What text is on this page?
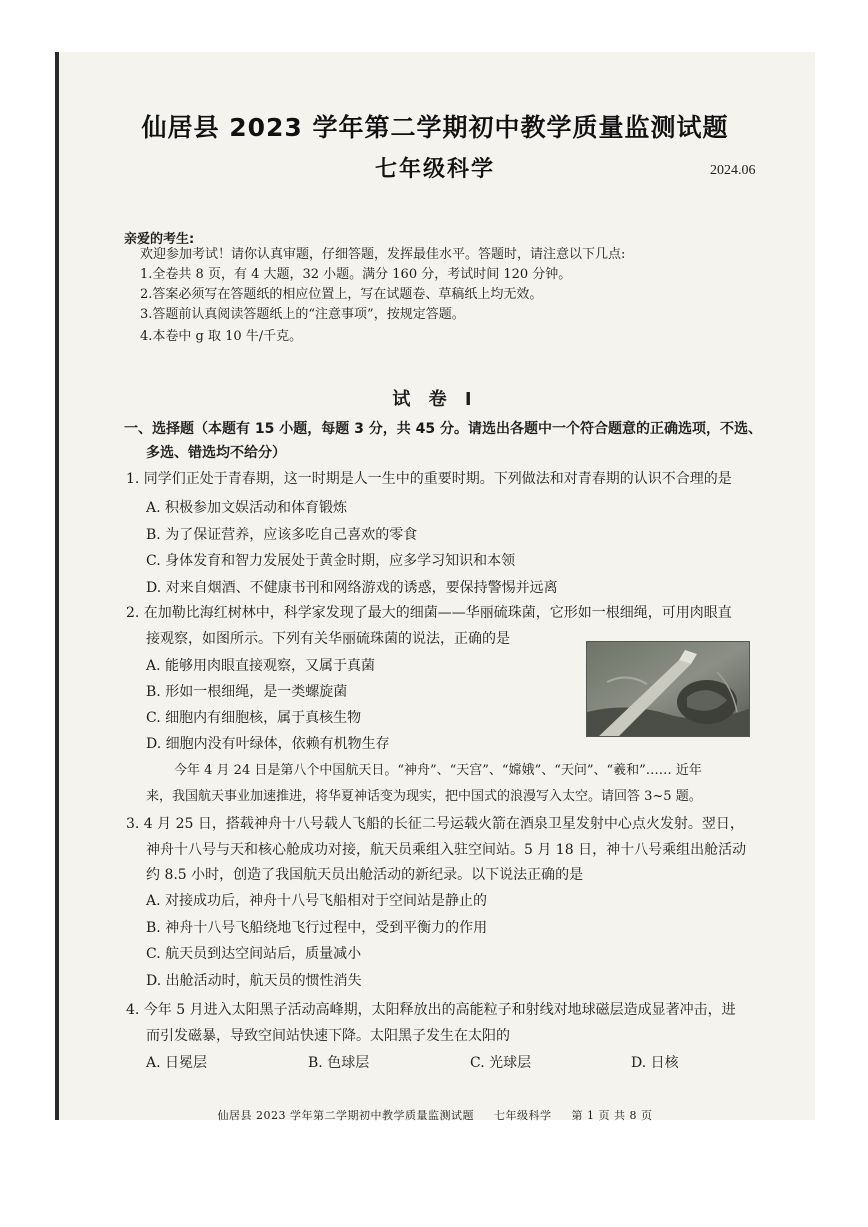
仙居县 2023 学年第二学期初中教学质量监测试题
七年级科学	2024.06
亲爱的考生:
欢迎参加考试！请你认真审题，仔细答题，发挥最佳水平。答题时，请注意以下几点:
1.全卷共 8 页，有 4 大题，32 小题。满分 160 分，考试时间 120 分钟。
2.答案必须写在答题纸的相应位置上，写在试题卷、草稿纸上均无效。
3.答题前认真阅读答题纸上的“注意事项”，按规定答题。
4.本卷中 g 取 10 牛/千克。
试 卷 Ⅰ
一、选择题（本题有 15 小题，每题 3 分，共 45 分。请选出各题中一个符合题意的正确选项，不选、
多选、错选均不给分）
1. 同学们正处于青春期，这一时期是人一生中的重要时期。下列做法和对青春期的认识不合理的是
A. 积极参加文娱活动和体育锻炼
B. 为了保证营养，应该多吃自己喜欢的零食
C. 身体发育和智力发展处于黄金时期，应多学习知识和本领
D. 对来自烟酒、不健康书刊和网络游戏的诱惑，要保持警惕并远离
2. 在加勒比海红树林中，科学家发现了最大的细菌——华丽硫珠菌，它形如一根细绳，可用肉眼直
接观察，如图所示。下列有关华丽硫珠菌的说法，正确的是
A. 能够用肉眼直接观察，又属于真菌
B. 形如一根细绳，是一类螺旋菌
C. 细胞内有细胞核，属于真核生物
D. 细胞内没有叶绿体，依赖有机物生存
今年 4 月 24 日是第八个中国航天日。“神舟”、“天宫”、“嫦娥”、“天问”、“羲和”…… 近年
来，我国航天事业加速推进，将华夏神话变为现实，把中国式的浪漫写入太空。请回答 3~5 题。
3. 4 月 25 日，搭载神舟十八号载人飞船的长征二号运载火箭在酒泉卫星发射中心点火发射。翌日，
神舟十八号与天和核心舱成功对接，航天员乘组入驻空间站。5 月 18 日，神十八号乘组出舱活动
约 8.5 小时，创造了我国航天员出舱活动的新纪录。以下说法正确的是
A. 对接成功后，神舟十八号飞船相对于空间站是静止的
B. 神舟十八号飞船绕地飞行过程中，受到平衡力的作用
C. 航天员到达空间站后，质量减小
D. 出舱活动时，航天员的惯性消失
4. 今年 5 月进入太阳黑子活动高峰期，太阳释放出的高能粒子和射线对地球磁层造成显著冲击，进
而引发磁暴，导致空间站快速下降。太阳黑子发生在太阳的
A. 日冕层	B. 色球层	C. 光球层	D. 日核
仙居县 2023 学年第二学期初中教学质量监测试题 七年级科学 第 1 页 共 8 页
